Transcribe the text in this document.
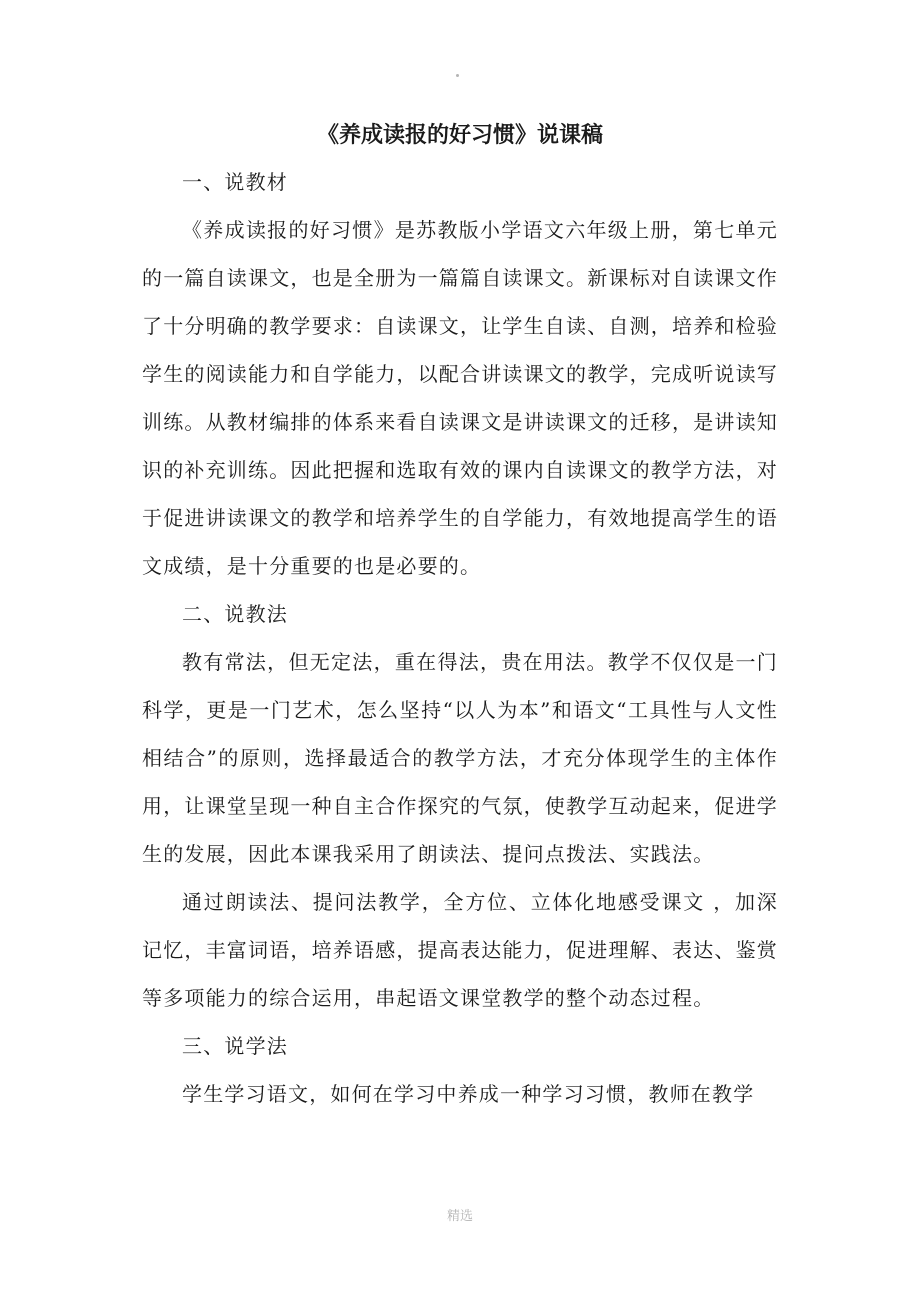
《养成读报的好习惯》说课稿

一、说教材

《养成读报的好习惯》是苏教版小学语文六年级上册，第七单元的一篇自读课文，也是全册为一篇篇自读课文。新课标对自读课文作了十分明确的教学要求：自读课文，让学生自读、自测，培养和检验学生的阅读能力和自学能力，以配合讲读课文的教学，完成听说读写训练。从教材编排的体系来看自读课文是讲读课文的迁移，是讲读知识的补充训练。因此把握和选取有效的课内自读课文的教学方法，对于促进讲读课文的教学和培养学生的自学能力，有效地提高学生的语文成绩，是十分重要的也是必要的。

二、说教法

教有常法，但无定法，重在得法，贵在用法。教学不仅仅是一门科学，更是一门艺术，怎么坚持“以人为本”和语文“工具性与人文性相结合”的原则，选择最适合的教学方法，才充分体现学生的主体作用，让课堂呈现一种自主合作探究的气氛，使教学互动起来，促进学生的发展，因此本课我采用了朗读法、提问点拨法、实践法。

通过朗读法、提问法教学，全方位、立体化地感受课文 ，加深记忆，丰富词语，培养语感，提高表达能力，促进理解、表达、鉴赏等多项能力的综合运用，串起语文课堂教学的整个动态过程。

三、说学法

学生学习语文，如何在学习中养成一种学习习惯，教师在教学

精选
